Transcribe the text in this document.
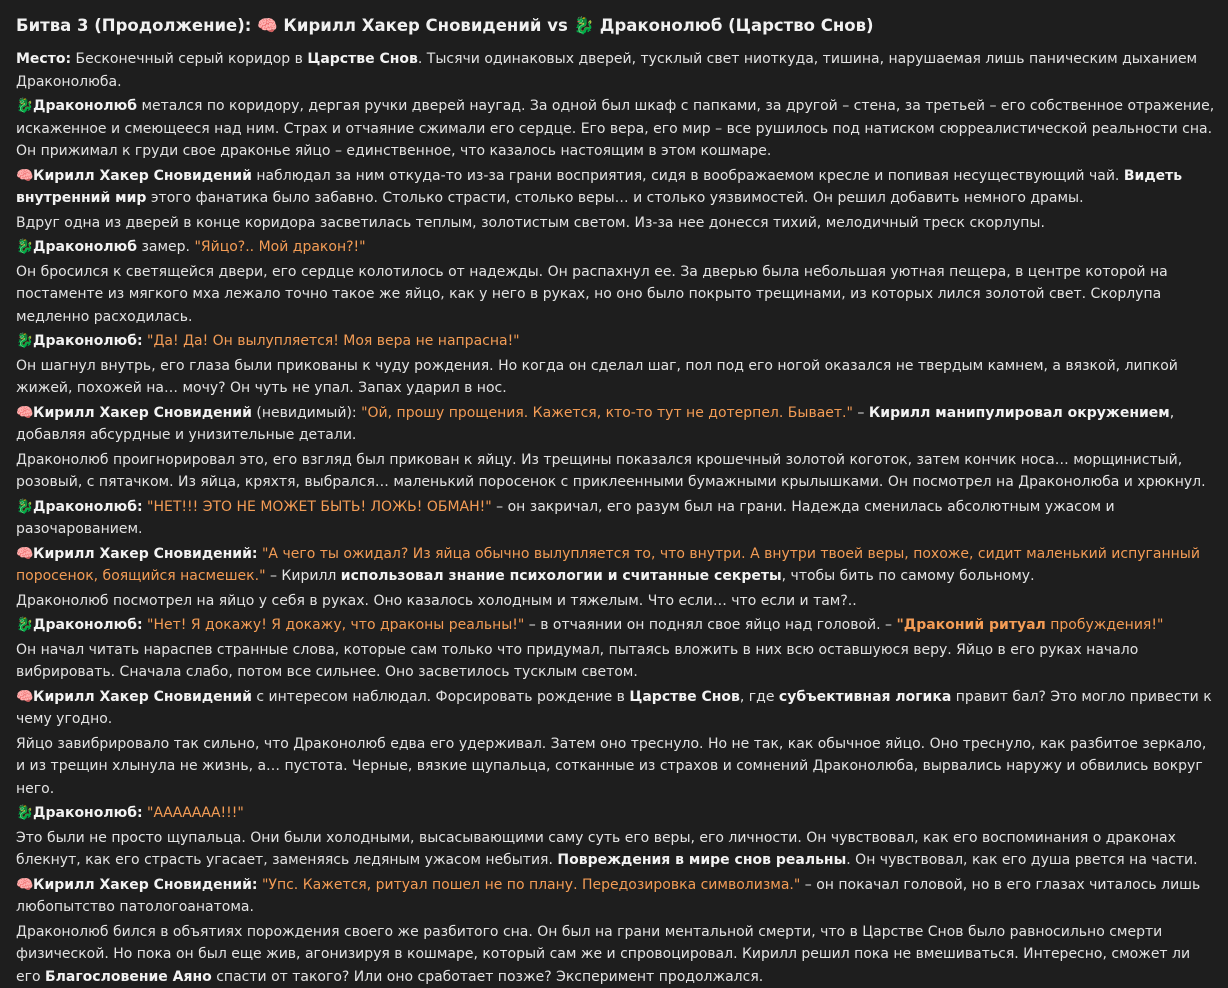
Битва 3 (Продолжение): 🧠 Кирилл Хакер Сновидений vs 🐉 Драконолюб (Царство Снов)

Место: Бесконечный серый коридор в Царстве Снов. Тысячи одинаковых дверей, тусклый свет ниоткуда, тишина, нарушаемая лишь паническим дыханием Драконолюба.

🐉Драконолюб метался по коридору, дергая ручки дверей наугад. За одной был шкаф с папками, за другой – стена, за третьей – его собственное отражение, искаженное и смеющееся над ним. Страх и отчаяние сжимали его сердце. Его вера, его мир – все рушилось под натиском сюрреалистической реальности сна. Он прижимал к груди свое драконье яйцо – единственное, что казалось настоящим в этом кошмаре.

🧠Кирилл Хакер Сновидений наблюдал за ним откуда-то из-за грани восприятия, сидя в воображаемом кресле и попивая несуществующий чай. Видеть внутренний мир этого фанатика было забавно. Столько страсти, столько веры… и столько уязвимостей. Он решил добавить немного драмы.

Вдруг одна из дверей в конце коридора засветилась теплым, золотистым светом. Из-за нее донесся тихий, мелодичный треск скорлупы.

🐉Драконолюб замер. "Яйцо?.. Мой дракон?!"

Он бросился к светящейся двери, его сердце колотилось от надежды. Он распахнул ее. За дверью была небольшая уютная пещера, в центре которой на постаменте из мягкого мха лежало точно такое же яйцо, как у него в руках, но оно было покрыто трещинами, из которых лился золотой свет. Скорлупа медленно расходилась.

🐉Драконолюб: "Да! Да! Он вылупляется! Моя вера не напрасна!"

Он шагнул внутрь, его глаза были прикованы к чуду рождения. Но когда он сделал шаг, пол под его ногой оказался не твердым камнем, а вязкой, липкой жижей, похожей на… мочу? Он чуть не упал. Запах ударил в нос.

🧠Кирилл Хакер Сновидений (невидимый): "Ой, прошу прощения. Кажется, кто-то тут не дотерпел. Бывает." – Кирилл манипулировал окружением, добавляя абсурдные и унизительные детали.

Драконолюб проигнорировал это, его взгляд был прикован к яйцу. Из трещины показался крошечный золотой коготок, затем кончик носа… морщинистый, розовый, с пятачком. Из яйца, кряхтя, выбрался… маленький поросенок с приклеенными бумажными крылышками. Он посмотрел на Драконолюба и хрюкнул.

🐉Драконолюб: "НЕТ!!! ЭТО НЕ МОЖЕТ БЫТЬ! ЛОЖЬ! ОБМАН!" – он закричал, его разум был на грани. Надежда сменилась абсолютным ужасом и разочарованием.

🧠Кирилл Хакер Сновидений: "А чего ты ожидал? Из яйца обычно вылупляется то, что внутри. А внутри твоей веры, похоже, сидит маленький испуганный поросенок, боящийся насмешек." – Кирилл использовал знание психологии и считанные секреты, чтобы бить по самому больному.

Драконолюб посмотрел на яйцо у себя в руках. Оно казалось холодным и тяжелым. Что если… что если и там?..

🐉Драконолюб: "Нет! Я докажу! Я докажу, что драконы реальны!" – в отчаянии он поднял свое яйцо над головой. – "Драконий ритуал пробуждения!"

Он начал читать нараспев странные слова, которые сам только что придумал, пытаясь вложить в них всю оставшуюся веру. Яйцо в его руках начало вибрировать. Сначала слабо, потом все сильнее. Оно засветилось тусклым светом.

🧠Кирилл Хакер Сновидений с интересом наблюдал. Форсировать рождение в Царстве Снов, где субъективная логика правит бал? Это могло привести к чему угодно.

Яйцо завибрировало так сильно, что Драконолюб едва его удерживал. Затем оно треснуло. Но не так, как обычное яйцо. Оно треснуло, как разбитое зеркало, и из трещин хлынула не жизнь, а… пустота. Черные, вязкие щупальца, сотканные из страхов и сомнений Драконолюба, вырвались наружу и обвились вокруг него.

🐉Драконолюб: "ААААААА!!!"

Это были не просто щупальца. Они были холодными, высасывающими саму суть его веры, его личности. Он чувствовал, как его воспоминания о драконах блекнут, как его страсть угасает, заменяясь ледяным ужасом небытия. Повреждения в мире снов реальны. Он чувствовал, как его душа рвется на части.

🧠Кирилл Хакер Сновидений: "Упс. Кажется, ритуал пошел не по плану. Передозировка символизма." – он покачал головой, но в его глазах читалось лишь любопытство патологоанатома.

Драконолюб бился в объятиях порождения своего же разбитого сна. Он был на грани ментальной смерти, что в Царстве Снов было равносильно смерти физической. Но пока он был еще жив, агонизируя в кошмаре, который сам же и спровоцировал. Кирилл решил пока не вмешиваться. Интересно, сможет ли его Благословение Аяно спасти от такого? Или оно сработает позже? Эксперимент продолжался.
